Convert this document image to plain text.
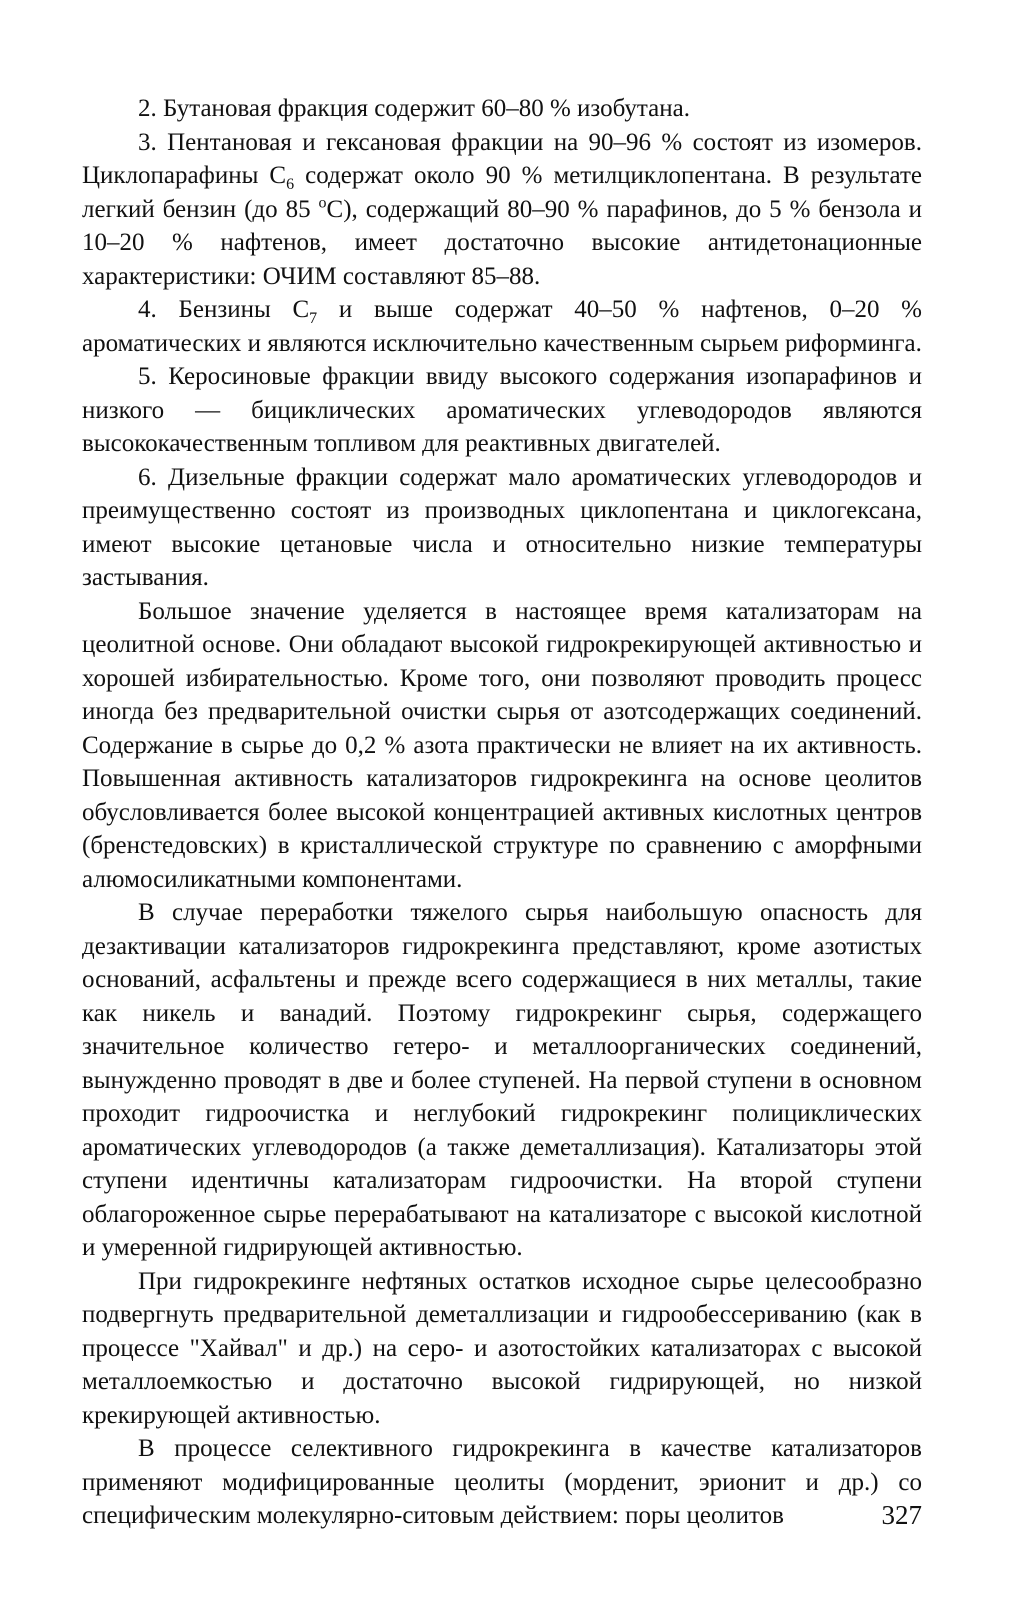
2. Бутановая фракция содержит 60–80 % изобутана.

3. Пентановая и гексановая фракции на 90–96 % состоят из изомеров. Циклопарафины $С_6$ содержат около 90 % метилциклопентана. В результате легкий бензин (до 85 $^о$С), содержащий 80–90 % парафинов, до 5 % бензола и 10–20 % нафтенов, имеет достаточно высокие антидетонационные характеристики: ОЧИМ составляют 85–88.

4. Бензины $С_7$ и выше содержат 40–50 % нафтенов, 0–20 % ароматических и являются исключительно качественным сырьем риформинга.

5. Керосиновые фракции ввиду высокого содержания изопарафинов и низкого — бициклических ароматических углеводородов являются высококачественным топливом для реактивных двигателей.

6. Дизельные фракции содержат мало ароматических углеводородов и преимущественно состоят из производных циклопентана и циклогексана, имеют высокие цетановые числа и относительно низкие температуры застывания.

Большое значение уделяется в настоящее время катализаторам на цеолитной основе. Они обладают высокой гидрокрекирующей активностью и хорошей избирательностью. Кроме того, они позволяют проводить процесс иногда без предварительной очистки сырья от азотсодержащих соединений. Содержание в сырье до 0,2 % азота практически не влияет на их активность. Повышенная активность катализаторов гидрокрекинга на основе цеолитов обусловливается более высокой концентрацией активных кислотных центров (бренстедовских) в кристаллической структуре по сравнению с аморфными алюмосиликатными компонентами.

В случае переработки тяжелого сырья наибольшую опасность для дезактивации катализаторов гидрокрекинга представляют, кроме азотистых оснований, асфальтены и прежде всего содержащиеся в них металлы, такие как никель и ванадий. Поэтому гидрокрекинг сырья, содержащего значительное количество гетеро- и металлоорганических соединений, вынужденно проводят в две и более ступеней. На первой ступени в основном проходит гидроочистка и неглубокий гидрокрекинг полициклических ароматических углеводородов (а также деметаллизация). Катализаторы этой ступени идентичны катализаторам гидроочистки. На второй ступени облагороженное сырье перерабатывают на катализаторе с высокой кислотной и умеренной гидрирующей активностью.

При гидрокрекинге нефтяных остатков исходное сырье целесообразно подвергнуть предварительной деметаллизации и гидрообессериванию (как в процессе "Хайвал" и др.) на серо- и азотостойких катализаторах с высокой металлоемкостью и достаточно высокой гидрирующей, но низкой крекирующей активностью.

В процессе селективного гидрокрекинга в качестве катализаторов применяют модифицированные цеолиты (морденит, эрионит и др.) со специфическим молекулярно-ситовым действием: поры цеолитов	327
